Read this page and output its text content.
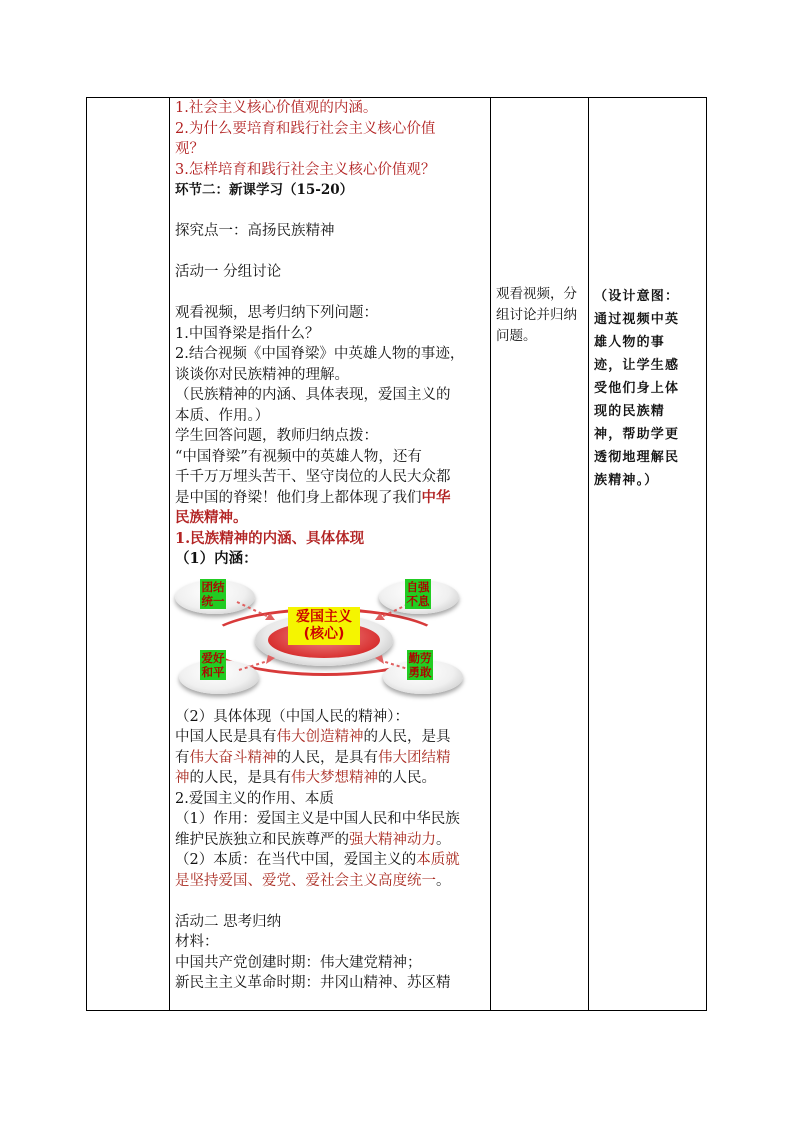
1.社会主义核心价值观的内涵。
2.为什么要培育和践行社会主义核心价值
观？
3.怎样培育和践行社会主义核心价值观？
环节二：新课学习（15-20）
探究点一：高扬民族精神
活动一 分组讨论
观看视频，思考归纳下列问题：
1.中国脊梁是指什么？
2.结合视频《中国脊梁》中英雄人物的事迹，
谈谈你对民族精神的理解。
（民族精神的内涵、具体表现，爱国主义的
本质、作用。）
学生回答问题，教师归纳点拨：
“中国脊梁”有视频中的英雄人物，还有
千千万万埋头苦干、坚守岗位的人民大众都
是中国的脊梁！他们身上都体现了我们中华
民族精神。
1.民族精神的内涵、具体体现
（1）内涵：
爱国主义
(核心)
团结
统一
自强
不息
爱好
和平
勤劳
勇敢
（2）具体体现（中国人民的精神）：
中国人民是具有伟大创造精神的人民，是具
有伟大奋斗精神的人民，是具有伟大团结精
神的人民，是具有伟大梦想精神的人民。
2.爱国主义的作用、本质
（1）作用：爱国主义是中国人民和中华民族
维护民族独立和民族尊严的强大精神动力。
（2）本质：在当代中国，爱国主义的本质就
是坚持爱国、爱党、爱社会主义高度统一。
活动二 思考归纳
材料：
中国共产党创建时期：伟大建党精神；
新民主主义革命时期：井冈山精神、苏区精
观看视频，分
组讨论并归纳
问题。
（设计意图：
通过视频中英
雄人物的事
迹，让学生感
受他们身上体
现的民族精
神，帮助学更
透彻地理解民
族精神。）
